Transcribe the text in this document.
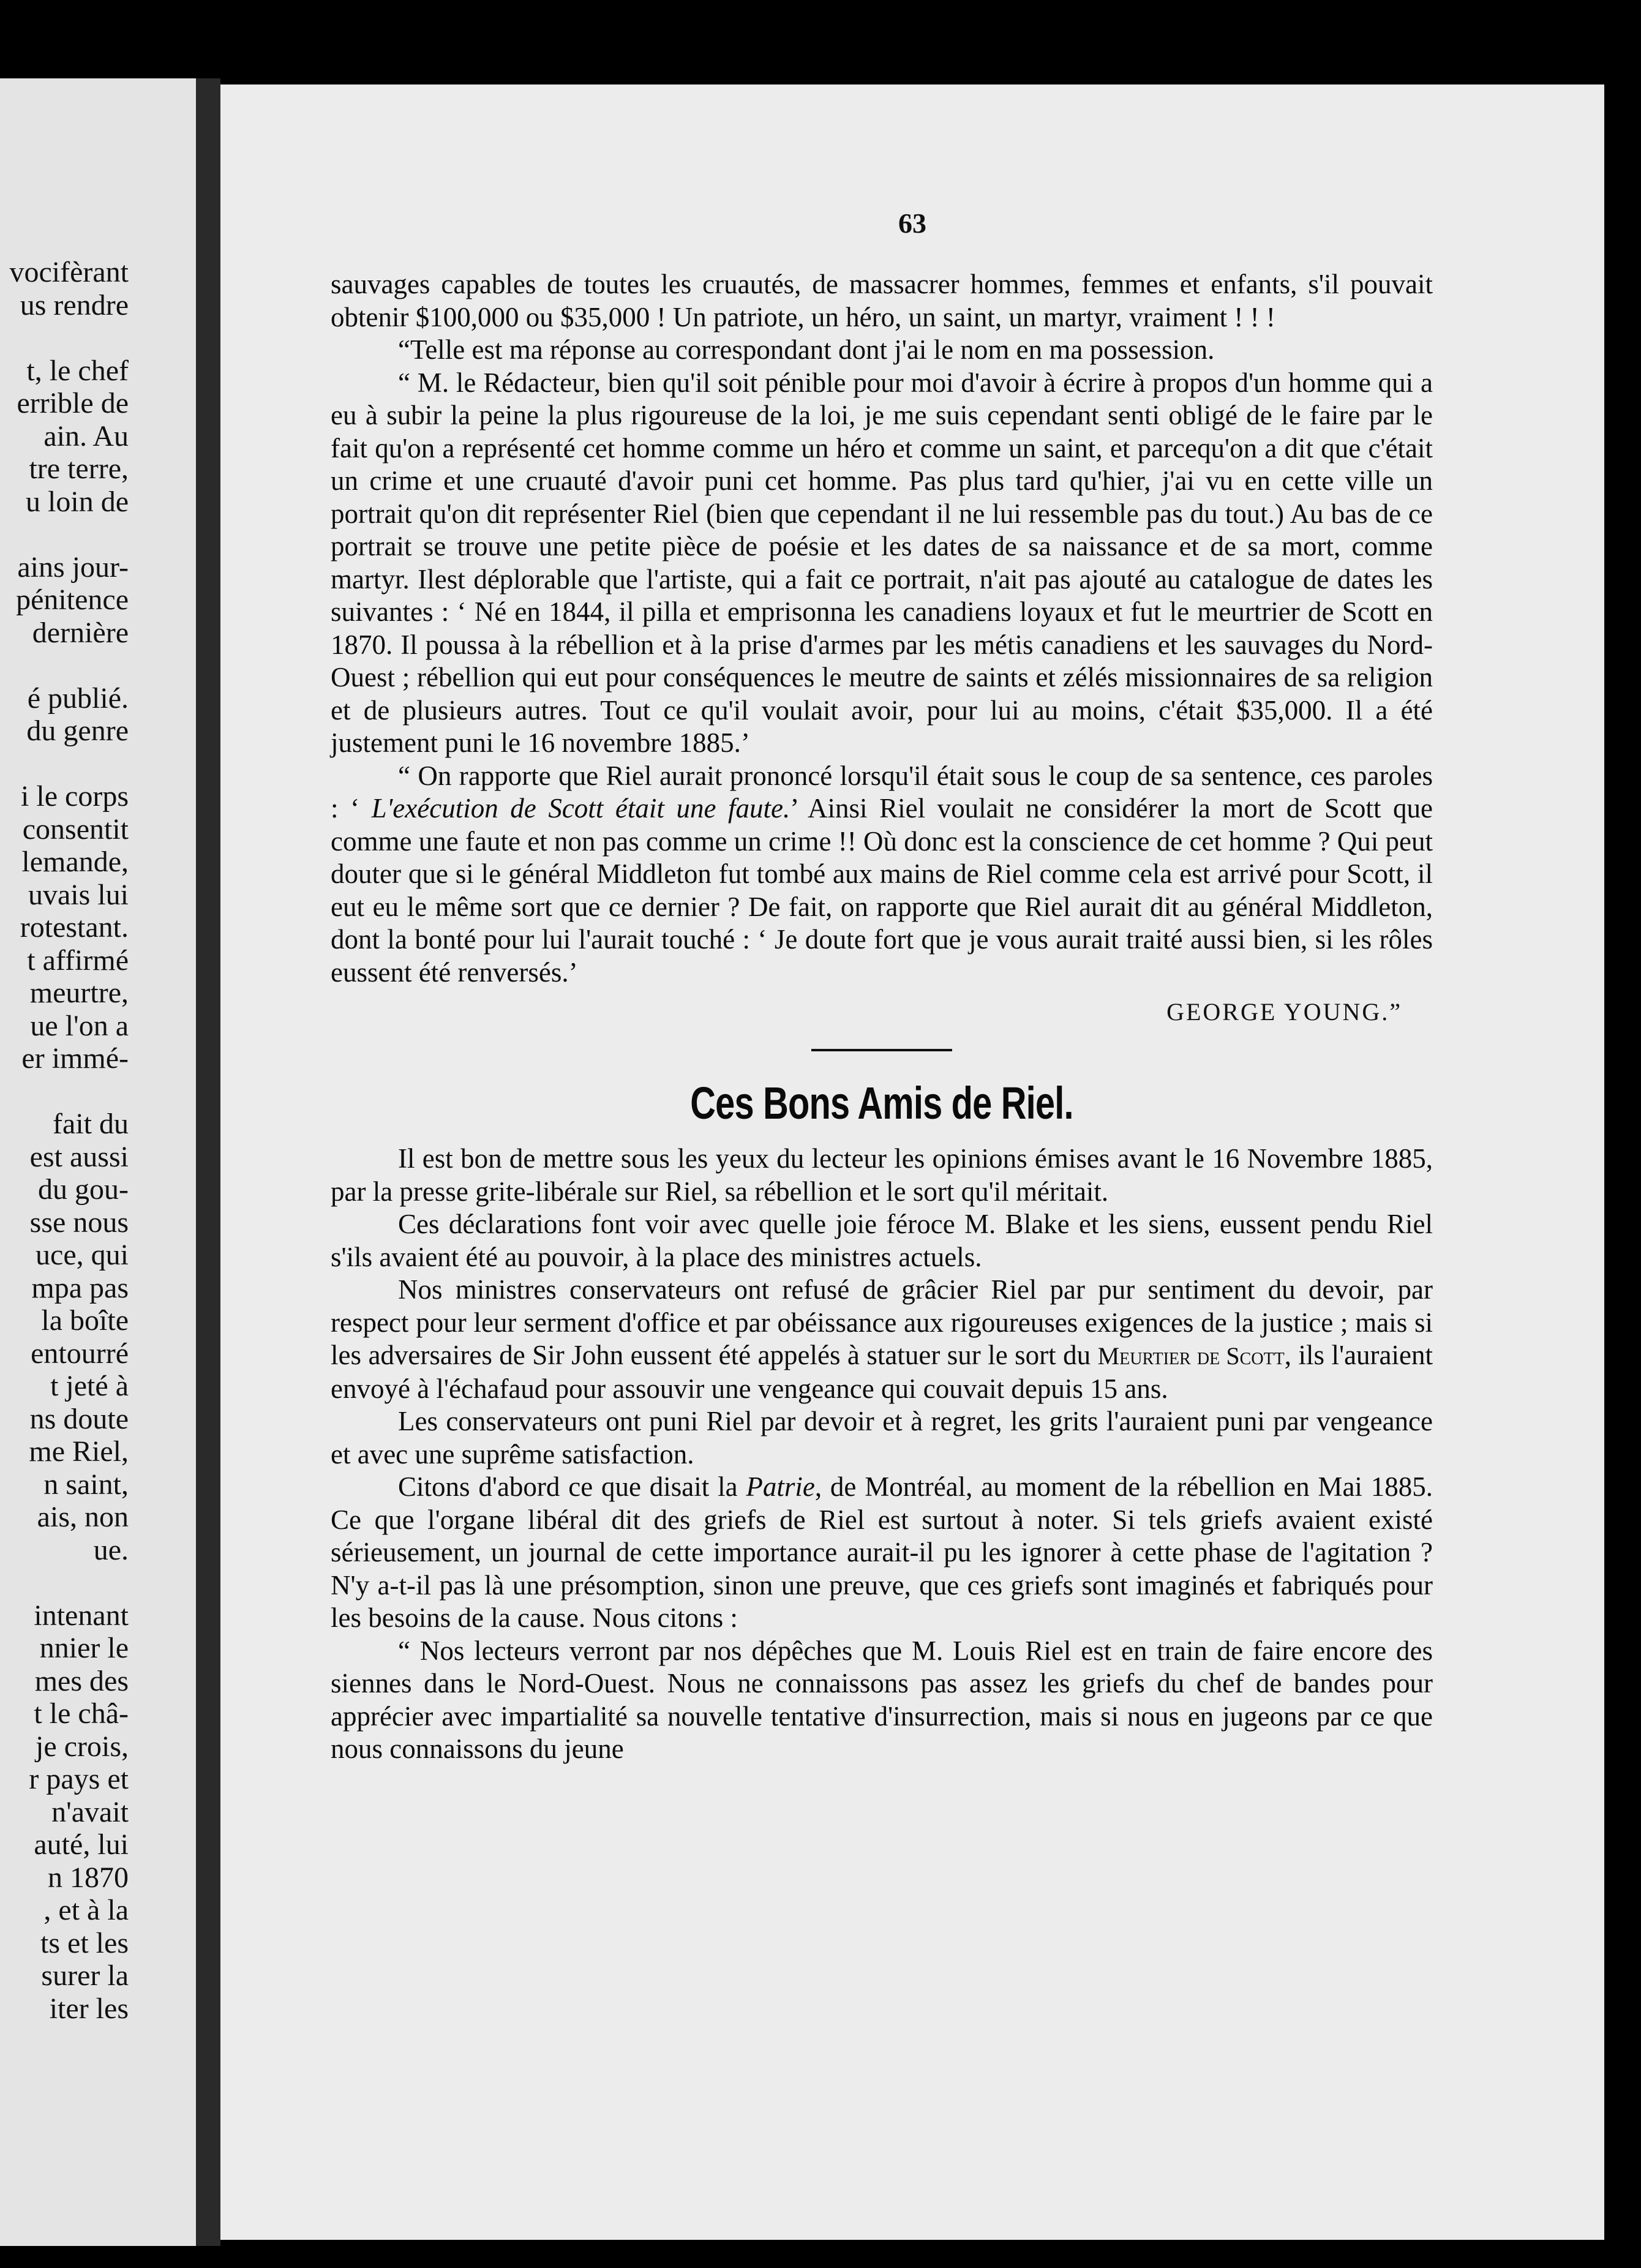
vocifèrant
us rendre
t, le chef
errible de
ain. Au
tre terre,
u loin de
ains jour-
pénitence
dernière
é publié.
du genre
i le corps
consentit
lemande,
uvais lui
rotestant.
t affirmé
meurtre,
ue l'on a
er immé-
fait du
est aussi
du gou-
sse nous
uce, qui
mpa pas
la boîte
entourré
t jeté à
ns doute
me Riel,
n saint,
ais, non
ue.
intenant
nnier le
mes des
t le châ-
je crois,
r pays et
n'avait
auté, lui
n 1870
, et à la
ts et les
surer la
iter les
63

sauvages capables de toutes les cruautés, de massacrer hommes, femmes et enfants, s'il pouvait obtenir $100,000 ou $35,000 ! Un patriote, un héro, un saint, un martyr, vraiment ! ! !

“Telle est ma réponse au correspondant dont j'ai le nom en ma possession.

“ M. le Rédacteur, bien qu'il soit pénible pour moi d'avoir à écrire à propos d'un homme qui a eu à subir la peine la plus rigoureuse de la loi, je me suis cependant senti obligé de le faire par le fait qu'on a représenté cet homme comme un héro et comme un saint, et parcequ'on a dit que c'était un crime et une cruauté d'avoir puni cet homme. Pas plus tard qu'hier, j'ai vu en cette ville un portrait qu'on dit représenter Riel (bien que cependant il ne lui ressemble pas du tout.) Au bas de ce portrait se trouve une petite pièce de poésie et les dates de sa naissance et de sa mort, comme martyr. Ilest déplorable que l'artiste, qui a fait ce portrait, n'ait pas ajouté au catalogue de dates les suivantes : ‘ Né en 1844, il pilla et emprisonna les canadiens loyaux et fut le meurtrier de Scott en 1870. Il poussa à la rébellion et à la prise d'armes par les métis canadiens et les sauvages du Nord-Ouest ; rébellion qui eut pour conséquences le meutre de saints et zélés missionnaires de sa religion et de plusieurs autres. Tout ce qu'il voulait avoir, pour lui au moins, c'était $35,000. Il a été justement puni le 16 novembre 1885.’

“ On rapporte que Riel aurait prononcé lorsqu'il était sous le coup de sa sentence, ces paroles : ‘ L'exécution de Scott était une faute.’ Ainsi Riel voulait ne considérer la mort de Scott que comme une faute et non pas comme un crime !! Où donc est la conscience de cet homme ? Qui peut douter que si le général Middleton fut tombé aux mains de Riel comme cela est arrivé pour Scott, il eut eu le même sort que ce dernier ? De fait, on rapporte que Riel aurait dit au général Middleton, dont la bonté pour lui l'aurait touché : ‘ Je doute fort que je vous aurait traité aussi bien, si les rôles eussent été renversés.’

GEORGE YOUNG.”
Ces Bons Amis de Riel.

Il est bon de mettre sous les yeux du lecteur les opinions émises avant le 16 Novembre 1885, par la presse grite-libérale sur Riel, sa rébellion et le sort qu'il méritait.

Ces déclarations font voir avec quelle joie féroce M. Blake et les siens, eussent pendu Riel s'ils avaient été au pouvoir, à la place des ministres actuels.

Nos ministres conservateurs ont refusé de grâcier Riel par pur sentiment du devoir, par respect pour leur serment d'office et par obéissance aux rigoureuses exigences de la justice ; mais si les adversaires de Sir John eussent été appelés à statuer sur le sort du Meurtier de Scott, ils l'auraient envoyé à l'échafaud pour assouvir une vengeance qui couvait depuis 15 ans.

Les conservateurs ont puni Riel par devoir et à regret, les grits l'auraient puni par vengeance et avec une suprême satisfaction.

Citons d'abord ce que disait la Patrie, de Montréal, au moment de la rébellion en Mai 1885. Ce que l'organe libéral dit des griefs de Riel est surtout à noter. Si tels griefs avaient existé sérieusement, un journal de cette importance aurait-il pu les ignorer à cette phase de l'agitation ? N'y a-t-il pas là une présomption, sinon une preuve, que ces griefs sont imaginés et fabriqués pour les besoins de la cause. Nous citons :

“ Nos lecteurs verront par nos dépêches que M. Louis Riel est en train de faire encore des siennes dans le Nord-Ouest. Nous ne connaissons pas assez les griefs du chef de bandes pour apprécier avec impartialité sa nouvelle tentative d'insurrection, mais si nous en jugeons par ce que nous connaissons du jeune
